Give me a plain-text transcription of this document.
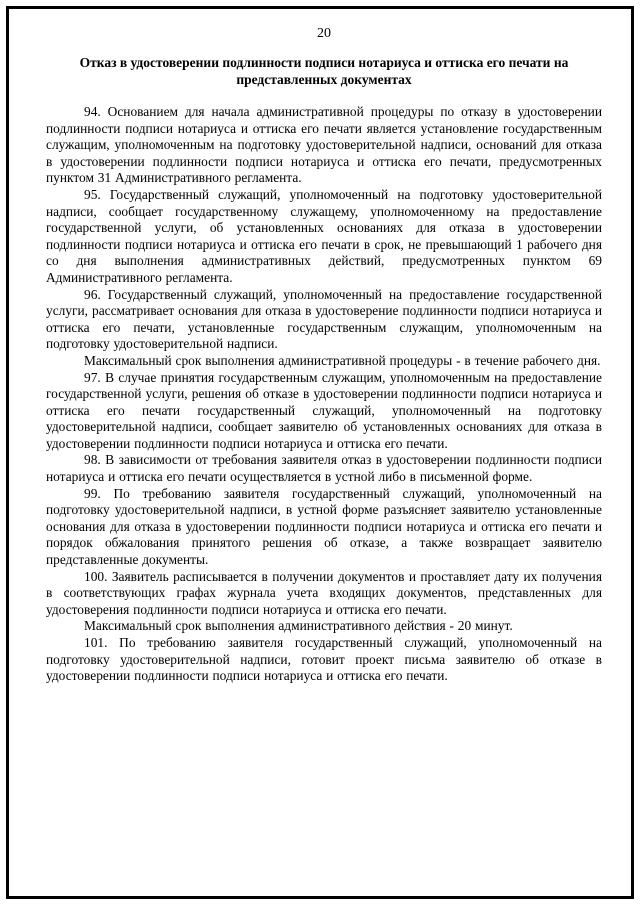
20
Отказ в удостоверении подлинности подписи нотариуса и оттиска его печати на представленных документах
94. Основанием для начала административной процедуры по отказу в удостоверении подлинности подписи нотариуса и оттиска его печати является установление государственным служащим, уполномоченным на подготовку удостоверительной надписи, оснований для отказа в удостоверении подлинности подписи нотариуса и оттиска его печати, предусмотренных пунктом 31 Административного регламента.
95. Государственный служащий, уполномоченный на подготовку удостоверительной надписи, сообщает государственному служащему, уполномоченному на предоставление государственной услуги, об установленных основаниях для отказа в удостоверении подлинности подписи нотариуса и оттиска его печати в срок, не превышающий 1 рабочего дня со дня выполнения административных действий, предусмотренных пунктом 69 Административного регламента.
96. Государственный служащий, уполномоченный на предоставление государственной услуги, рассматривает основания для отказа в удостоверение подлинности подписи нотариуса и оттиска его печати, установленные государственным служащим, уполномоченным на подготовку удостоверительной надписи.
Максимальный срок выполнения административной процедуры - в течение рабочего дня.
97. В случае принятия государственным служащим, уполномоченным на предоставление государственной услуги, решения об отказе в удостоверении подлинности подписи нотариуса и оттиска его печати государственный служащий, уполномоченный на подготовку удостоверительной надписи, сообщает заявителю об установленных основаниях для отказа в удостоверении подлинности подписи нотариуса и оттиска его печати.
98. В зависимости от требования заявителя отказ в удостоверении подлинности подписи нотариуса и оттиска его печати осуществляется в устной либо в письменной форме.
99. По требованию заявителя государственный служащий, уполномоченный на подготовку удостоверительной надписи, в устной форме разъясняет заявителю установленные основания для отказа в удостоверении подлинности подписи нотариуса и оттиска его печати и порядок обжалования принятого решения об отказе, а также возвращает заявителю представленные документы.
100. Заявитель расписывается в получении документов и проставляет дату их получения в соответствующих графах журнала учета входящих документов, представленных для удостоверения подлинности подписи нотариуса и оттиска его печати.
Максимальный срок выполнения административного действия - 20 минут.
101. По требованию заявителя государственный служащий, уполномоченный на подготовку удостоверительной надписи, готовит проект письма заявителю об отказе в удостоверении подлинности подписи нотариуса и оттиска его печати.
